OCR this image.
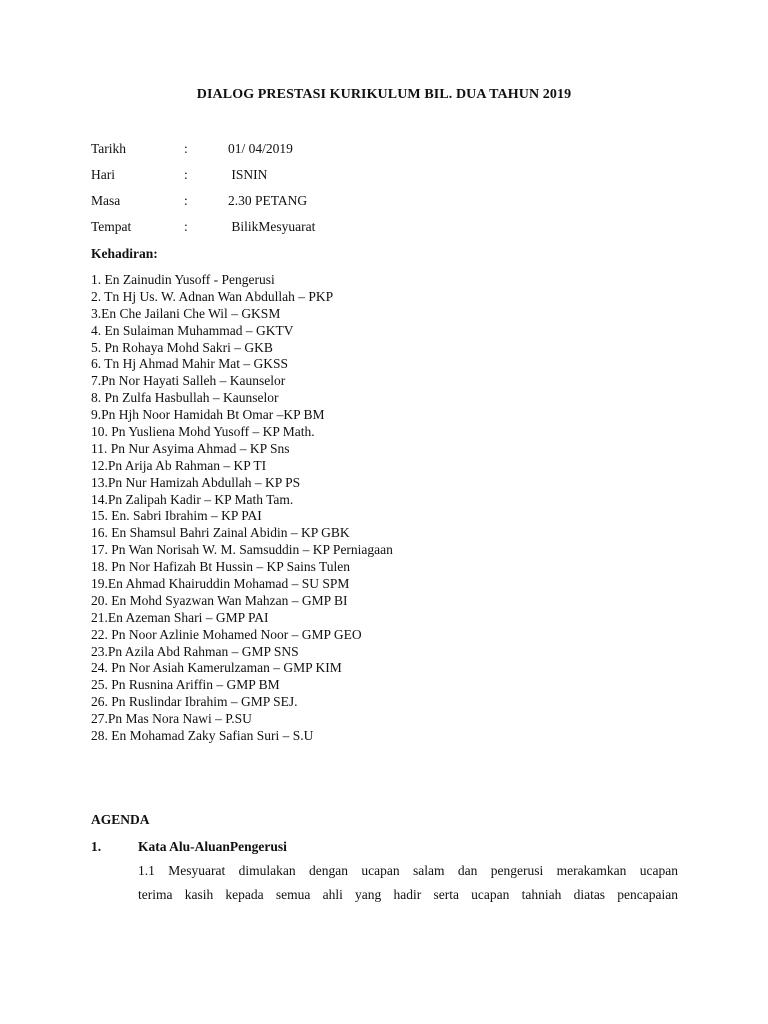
DIALOG PRESTASI KURIKULUM BIL. DUA TAHUN 2019
Tarikh	:	01/ 04/2019
Hari	:	ISNIN
Masa	:	2.30 PETANG
Tempat	:	BilikMesyuarat
Kehadiran:
1. En Zainudin Yusoff - Pengerusi
2. Tn Hj Us. W. Adnan Wan Abdullah – PKP
3.En Che Jailani Che Wil – GKSM
4. En Sulaiman Muhammad – GKTV
5. Pn Rohaya Mohd Sakri – GKB
6. Tn Hj Ahmad Mahir Mat – GKSS
7.Pn Nor Hayati Salleh – Kaunselor
8. Pn Zulfa Hasbullah – Kaunselor
9.Pn Hjh Noor Hamidah Bt Omar –KP BM
10. Pn Yusliena Mohd Yusoff – KP Math.
11. Pn Nur Asyima Ahmad – KP Sns
12.Pn Arija Ab Rahman – KP TI
13.Pn Nur Hamizah Abdullah – KP PS
14.Pn Zalipah Kadir – KP Math Tam.
15. En. Sabri Ibrahim – KP PAI
16. En Shamsul Bahri Zainal Abidin – KP GBK
17. Pn Wan Norisah W. M. Samsuddin – KP Perniagaan
18. Pn Nor Hafizah Bt Hussin – KP Sains Tulen
19.En Ahmad Khairuddin Mohamad – SU SPM
20. En Mohd Syazwan Wan Mahzan – GMP BI
21.En Azeman Shari – GMP PAI
22. Pn Noor Azlinie Mohamed Noor – GMP GEO
23.Pn Azila Abd Rahman – GMP SNS
24. Pn Nor Asiah Kamerulzaman – GMP KIM
25. Pn Rusnina Ariffin – GMP BM
26. Pn Ruslindar Ibrahim – GMP SEJ.
27.Pn Mas Nora Nawi – P.SU
28. En Mohamad Zaky Safian Suri – S.U
AGENDA
1.	Kata Alu-AluanPengerusi
1.1 Mesyuarat dimulakan dengan ucapan salam dan pengerusi merakamkan ucapan
terima kasih kepada semua ahli yang hadir serta ucapan tahniah diatas pencapaian
